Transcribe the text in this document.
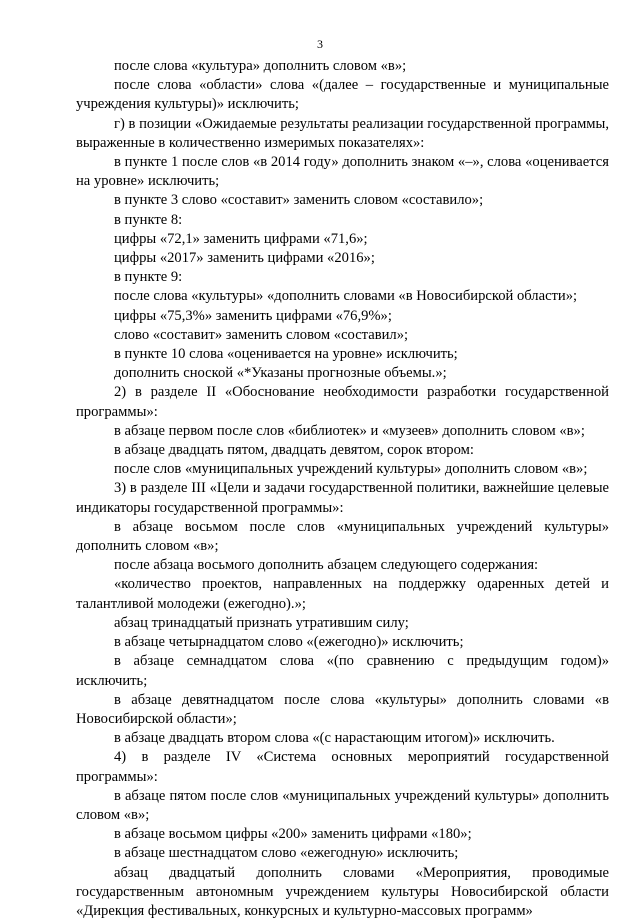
3

после слова «культура» дополнить словом «в»;

после слова «области» слова «(далее – государственные и муниципальные учреждения культуры)» исключить;

г) в позиции «Ожидаемые результаты реализации государственной программы, выраженные в количественно измеримых показателях»:

в пункте 1 после слов «в 2014 году» дополнить знаком «–», слова «оценивается на уровне» исключить;

в пункте 3 слово «составит» заменить словом «составило»;

в пункте 8:

цифры «72,1» заменить цифрами «71,6»;

цифры «2017» заменить цифрами «2016»;

в пункте 9:

после слова «культуры» «дополнить словами «в Новосибирской области»;

цифры «75,3%» заменить цифрами «76,9%»;

слово «составит» заменить словом «составил»;

в пункте 10 слова «оценивается на уровне» исключить;

дополнить сноской «*Указаны прогнозные объемы.»;

2) в разделе II «Обоснование необходимости разработки государственной программы»:

в абзаце первом после слов «библиотек» и «музеев» дополнить словом «в»;

в абзаце двадцать пятом, двадцать девятом, сорок втором:

после слов «муниципальных учреждений культуры» дополнить словом «в»;

3) в разделе III «Цели и задачи государственной политики, важнейшие целевые индикаторы государственной программы»:

в абзаце восьмом после слов «муниципальных учреждений культуры» дополнить словом «в»;

после абзаца восьмого дополнить абзацем следующего содержания:

«количество проектов, направленных на поддержку одаренных детей и талантливой молодежи (ежегодно).»;

абзац тринадцатый признать утратившим силу;

в абзаце четырнадцатом слово «(ежегодно)» исключить;

в абзаце семнадцатом слова «(по сравнению с предыдущим годом)» исключить;

в абзаце девятнадцатом после слова «культуры» дополнить словами «в Новосибирской области»;

в абзаце двадцать втором слова «(с нарастающим итогом)» исключить.

4) в разделе IV «Система основных мероприятий государственной программы»:

в абзаце пятом после слов «муниципальных учреждений культуры» дополнить словом «в»;

в абзаце восьмом цифры «200» заменить цифрами «180»;

в абзаце шестнадцатом слово «ежегодную» исключить;

абзац двадцатый дополнить словами «Мероприятия, проводимые государственным автономным учреждением культуры Новосибирской области «Дирекция фестивальных, конкурсных и культурно-массовых программ»
